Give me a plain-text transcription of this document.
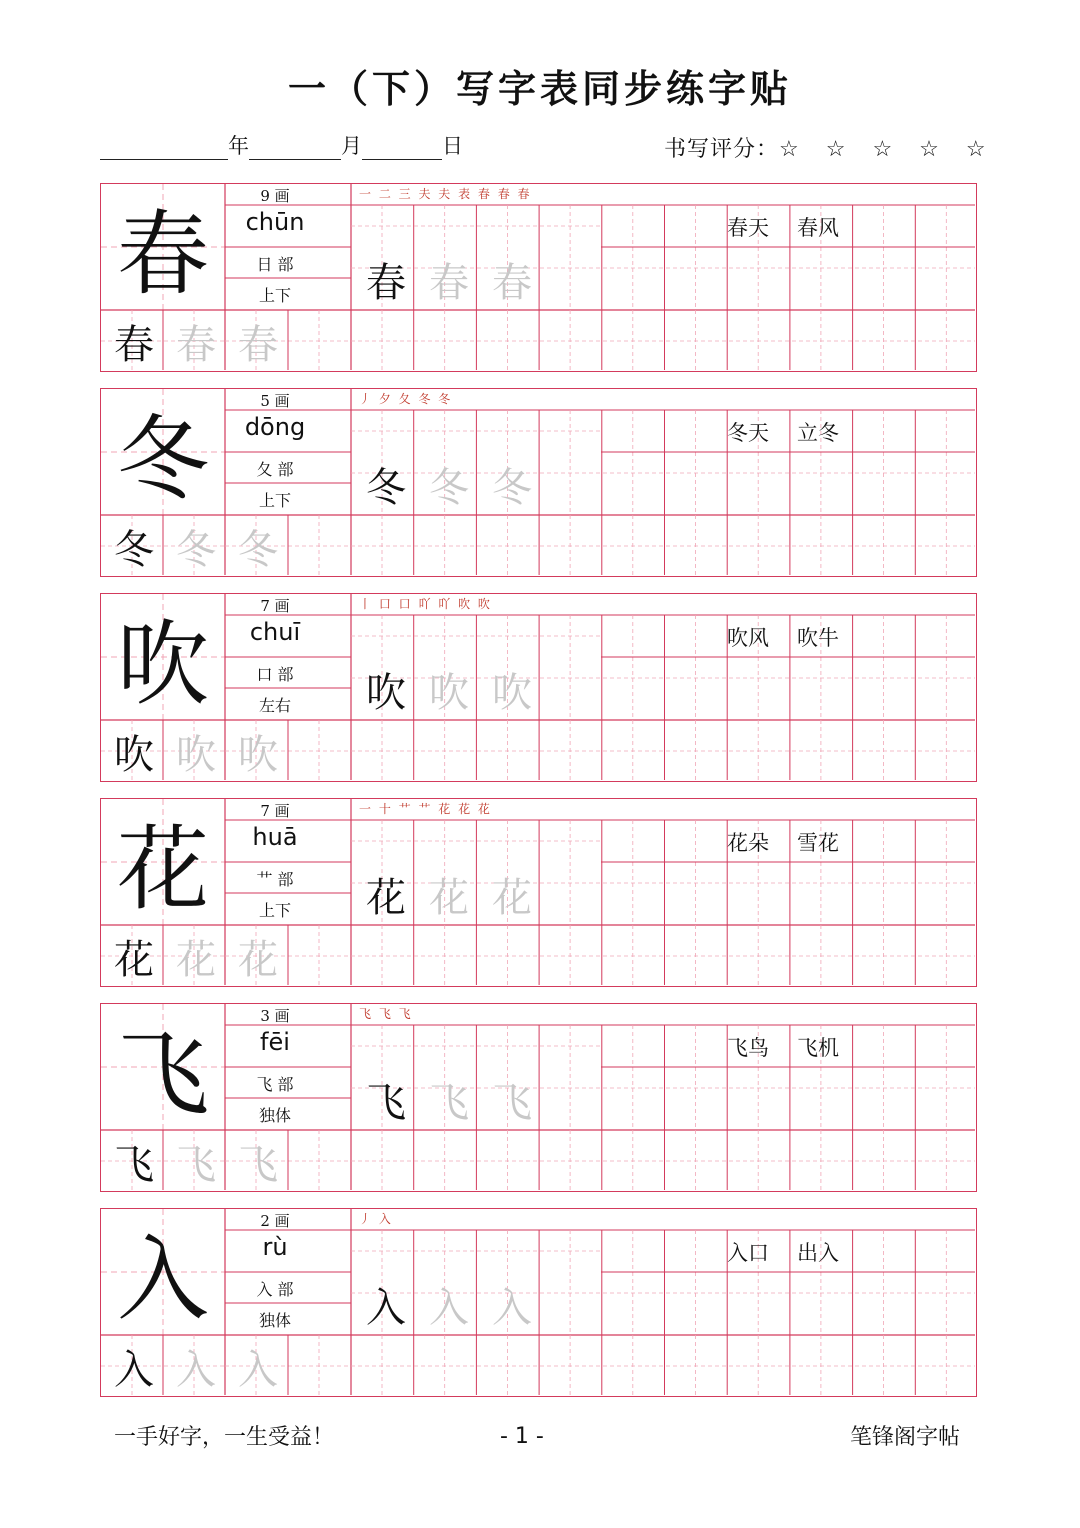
一（下）写字表同步练字贴
年	月	日	书写评分：☆ ☆ ☆ ☆ ☆
春
9 画
chūn
日 部
上下
一 二 三 夫 夫 表 春 春 春
春天 春风
春 春 春
春 春 春
冬
5 画
dōng
夂 部
上下
丿 夕 夂 冬 冬
冬天 立冬
冬 冬 冬
冬 冬 冬
吹
7 画
chuī
口 部
左右
丨 口 口 吖 吖 吹 吹
吹风 吹牛
吹 吹 吹
吹 吹 吹
花
7 画
huā
艹 部
上下
一 十 艹 艹 花 花 花
花朵 雪花
花 花 花
花 花 花
飞
3 画
fēi
飞 部
独体
飞 飞 飞
飞鸟 飞机
飞 飞 飞
飞 飞 飞
入
2 画
rù
入 部
独体
丿 入
入口 出入
入 入 入
入 入 入
一手好字，一生受益！	- 1 -	笔锋阁字帖
